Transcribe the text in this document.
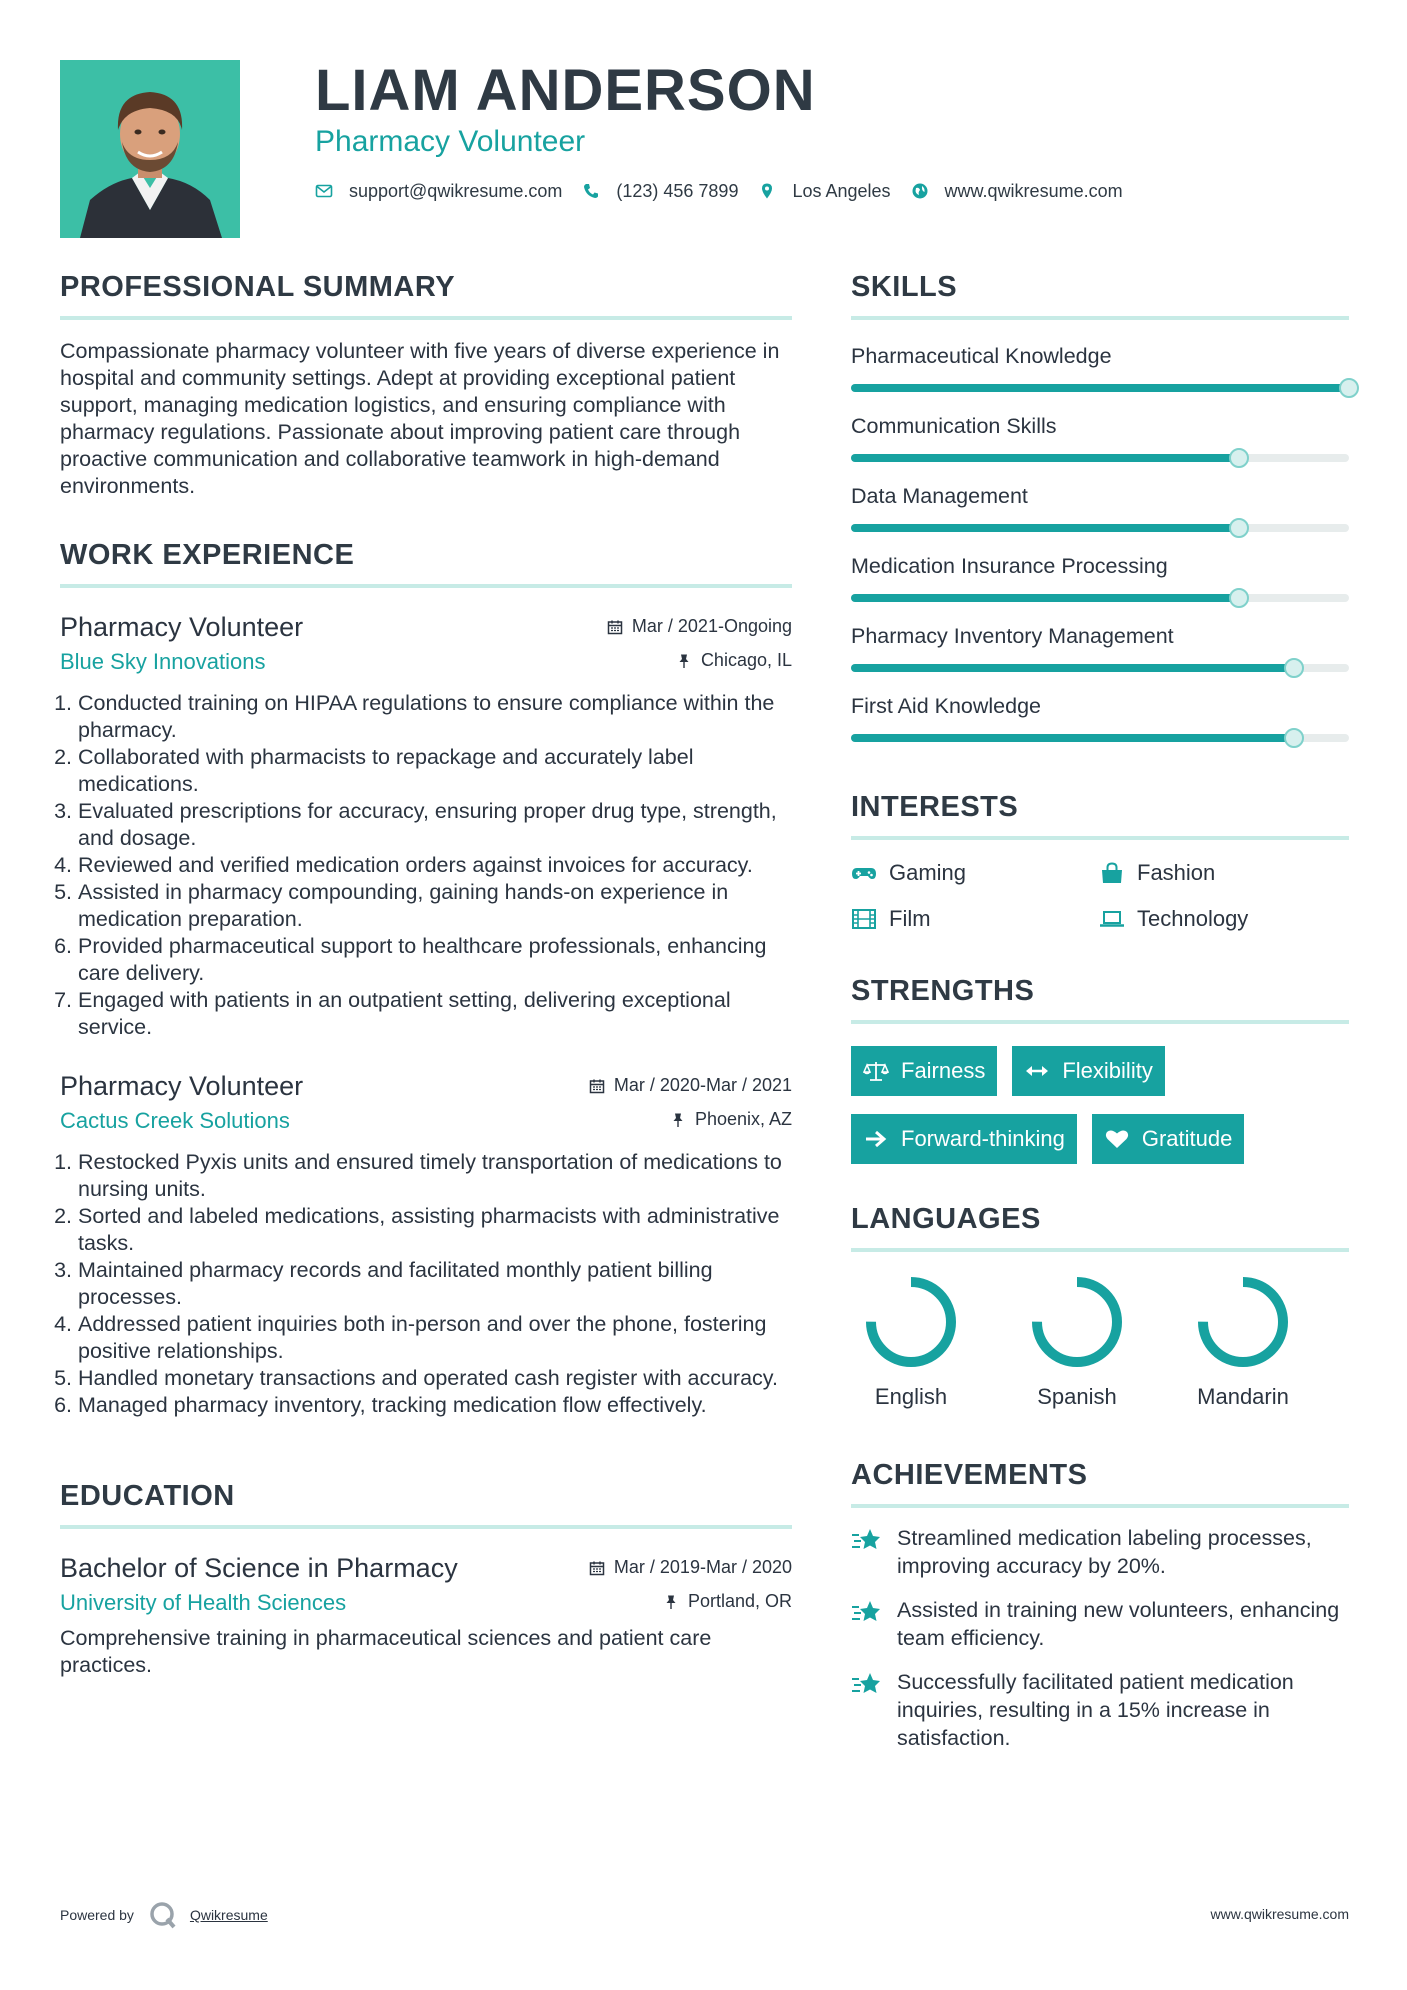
LIAM ANDERSON
Pharmacy Volunteer
support@qwikresume.com	(123) 456 7899	Los Angeles	www.qwikresume.com
PROFESSIONAL SUMMARY

Compassionate pharmacy volunteer with five years of diverse experience in hospital and community settings. Adept at providing exceptional patient support, managing medication logistics, and ensuring compliance with pharmacy regulations. Passionate about improving patient care through proactive communication and collaborative teamwork in high-demand environments.

WORK EXPERIENCE
Pharmacy Volunteer
Blue Sky Innovations
Mar / 2021-Ongoing
Chicago, IL
1. Conducted training on HIPAA regulations to ensure compliance within the pharmacy.
2. Collaborated with pharmacists to repackage and accurately label medications.
3. Evaluated prescriptions for accuracy, ensuring proper drug type, strength, and dosage.
4. Reviewed and verified medication orders against invoices for accuracy.
5. Assisted in pharmacy compounding, gaining hands-on experience in medication preparation.
6. Provided pharmaceutical support to healthcare professionals, enhancing care delivery.
7. Engaged with patients in an outpatient setting, delivering exceptional service.
Pharmacy Volunteer
Cactus Creek Solutions
Mar / 2020-Mar / 2021
Phoenix, AZ
1. Restocked Pyxis units and ensured timely transportation of medications to nursing units.
2. Sorted and labeled medications, assisting pharmacists with administrative tasks.
3. Maintained pharmacy records and facilitated monthly patient billing processes.
4. Addressed patient inquiries both in-person and over the phone, fostering positive relationships.
5. Handled monetary transactions and operated cash register with accuracy.
6. Managed pharmacy inventory, tracking medication flow effectively.
EDUCATION
Bachelor of Science in Pharmacy
University of Health Sciences
Mar / 2019-Mar / 2020
Portland, OR

Comprehensive training in pharmaceutical sciences and patient care practices.

SKILLS
Pharmaceutical Knowledge
Communication Skills
Data Management
Medication Insurance Processing
Pharmacy Inventory Management
First Aid Knowledge
INTERESTS
Gaming	Fashion
Film	Technology
STRENGTHS
Fairness	Flexibility
Forward-thinking	Gratitude
LANGUAGES
English	Spanish	Mandarin
ACHIEVEMENTS
Streamlined medication labeling processes, improving accuracy by 20%.
Assisted in training new volunteers, enhancing team efficiency.
Successfully facilitated patient medication inquiries, resulting in a 15% increase in satisfaction.
Powered by	Qwikresume	www.qwikresume.com
